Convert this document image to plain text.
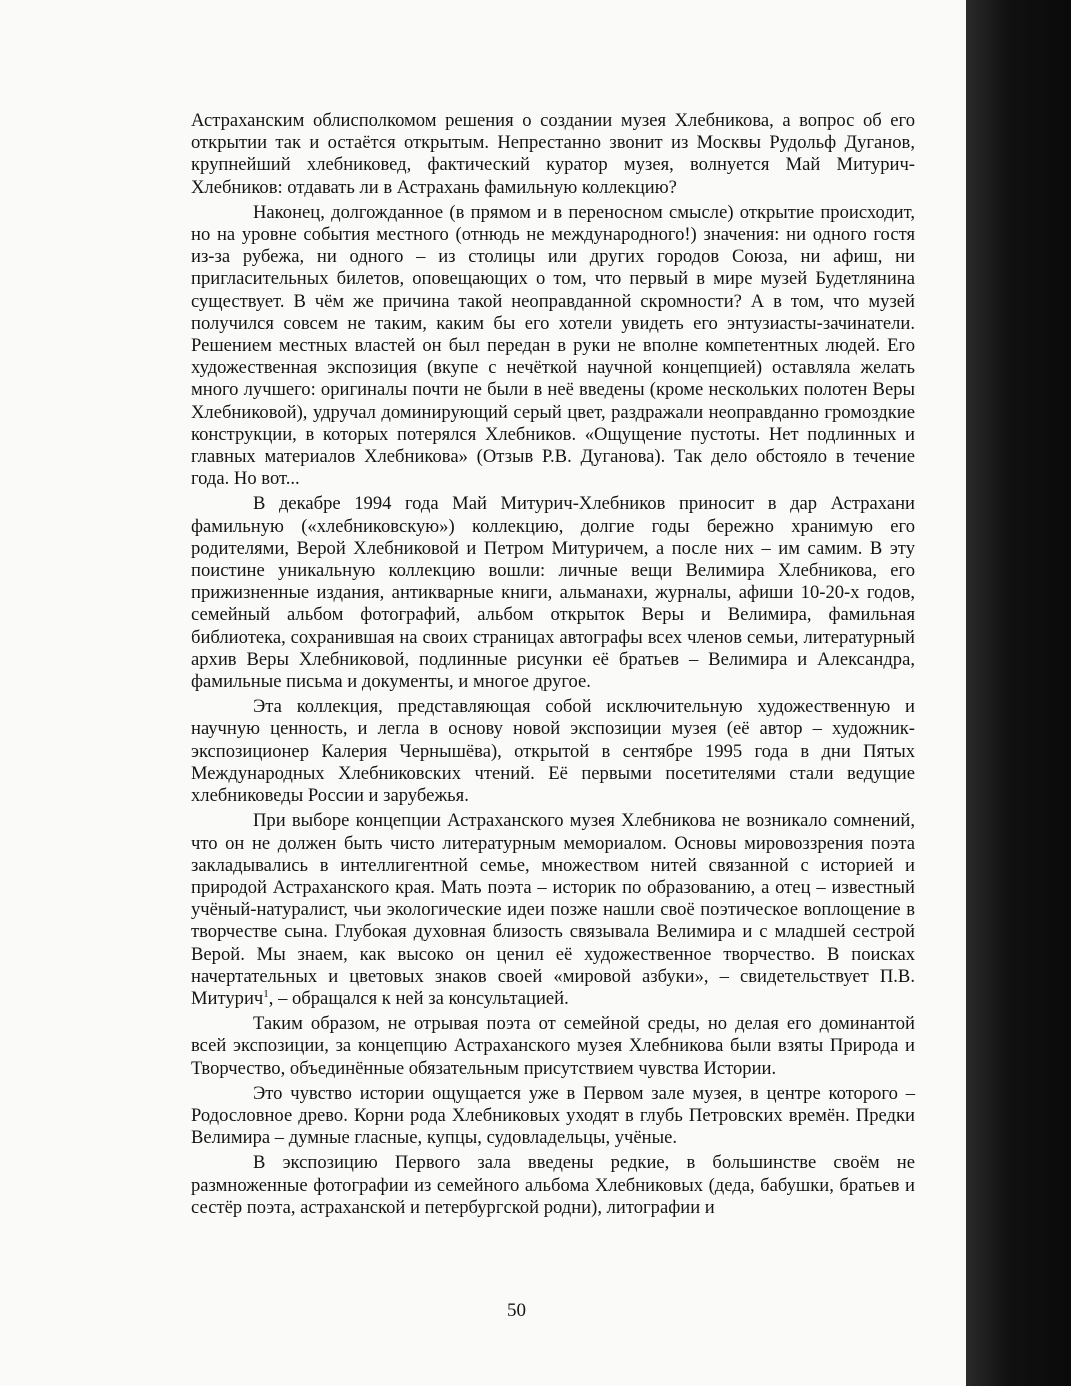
Астраханским облисполкомом решения о создании музея Хлебникова, а вопрос об его открытии так и остаётся открытым. Непрестанно звонит из Москвы Рудольф Дуганов, крупнейший хлебниковед, фактический куратор музея, волнуется Май Митурич-Хлебников: отдавать ли в Астрахань фамильную коллекцию?

Наконец, долгожданное (в прямом и в переносном смысле) открытие происходит, но на уровне события местного (отнюдь не международного!) значения: ни одного гостя из-за рубежа, ни одного – из столицы или других городов Союза, ни афиш, ни пригласительных билетов, оповещающих о том, что первый в мире музей Будетлянина существует. В чём же причина такой неоправданной скромности? А в том, что музей получился совсем не таким, каким бы его хотели увидеть его энтузиасты-зачинатели. Решением местных властей он был передан в руки не вполне компетентных людей. Его художественная экспозиция (вкупе с нечёткой научной концепцией) оставляла желать много лучшего: оригиналы почти не были в неё введены (кроме нескольких полотен Веры Хлебниковой), удручал доминирующий серый цвет, раздражали неоправданно громоздкие конструкции, в которых потерялся Хлебников. «Ощущение пустоты. Нет подлинных и главных материалов Хлебникова» (Отзыв Р.В. Дуганова). Так дело обстояло в течение года. Но вот...

В декабре 1994 года Май Митурич-Хлебников приносит в дар Астрахани фамильную («хлебниковскую») коллекцию, долгие годы бережно хранимую его родителями, Верой Хлебниковой и Петром Митуричем, а после них – им самим. В эту поистине уникальную коллекцию вошли: личные вещи Велимира Хлебникова, его прижизненные издания, антикварные книги, альманахи, журналы, афиши 10-20-х годов, семейный альбом фотографий, альбом открыток Веры и Велимира, фамильная библиотека, сохранившая на своих страницах автографы всех членов семьи, литературный архив Веры Хлебниковой, подлинные рисунки её братьев – Велимира и Александра, фамильные письма и документы, и многое другое.

Эта коллекция, представляющая собой исключительную художественную и научную ценность, и легла в основу новой экспозиции музея (её автор – художник-экспозиционер Калерия Чернышёва), открытой в сентябре 1995 года в дни Пятых Международных Хлебниковских чтений. Её первыми посетителями стали ведущие хлебниковеды России и зарубежья.

При выборе концепции Астраханского музея Хлебникова не возникало сомнений, что он не должен быть чисто литературным мемориалом. Основы мировоззрения поэта закладывались в интеллигентной семье, множеством нитей связанной с историей и природой Астраханского края. Мать поэта – историк по образованию, а отец – известный учёный-натуралист, чьи экологические идеи позже нашли своё поэтическое воплощение в творчестве сына. Глубокая духовная близость связывала Велимира и с младшей сестрой Верой. Мы знаем, как высоко он ценил её художественное творчество. В поисках начертательных и цветовых знаков своей «мировой азбуки», – свидетельствует П.В. Митурич$^1$, – обращался к ней за консультацией.

Таким образом, не отрывая поэта от семейной среды, но делая его доминантой всей экспозиции, за концепцию Астраханского музея Хлебникова были взяты Природа и Творчество, объединённые обязательным присутствием чувства Истории.

Это чувство истории ощущается уже в Первом зале музея, в центре которого – Родословное древо. Корни рода Хлебниковых уходят в глубь Петровских времён. Предки Велимира – думные гласные, купцы, судовладельцы, учёные.

В экспозицию Первого зала введены редкие, в большинстве своём не размноженные фотографии из семейного альбома Хлебниковых (деда, бабушки, братьев и сестёр поэта, астраханской и петербургской родни), литографии и

50
